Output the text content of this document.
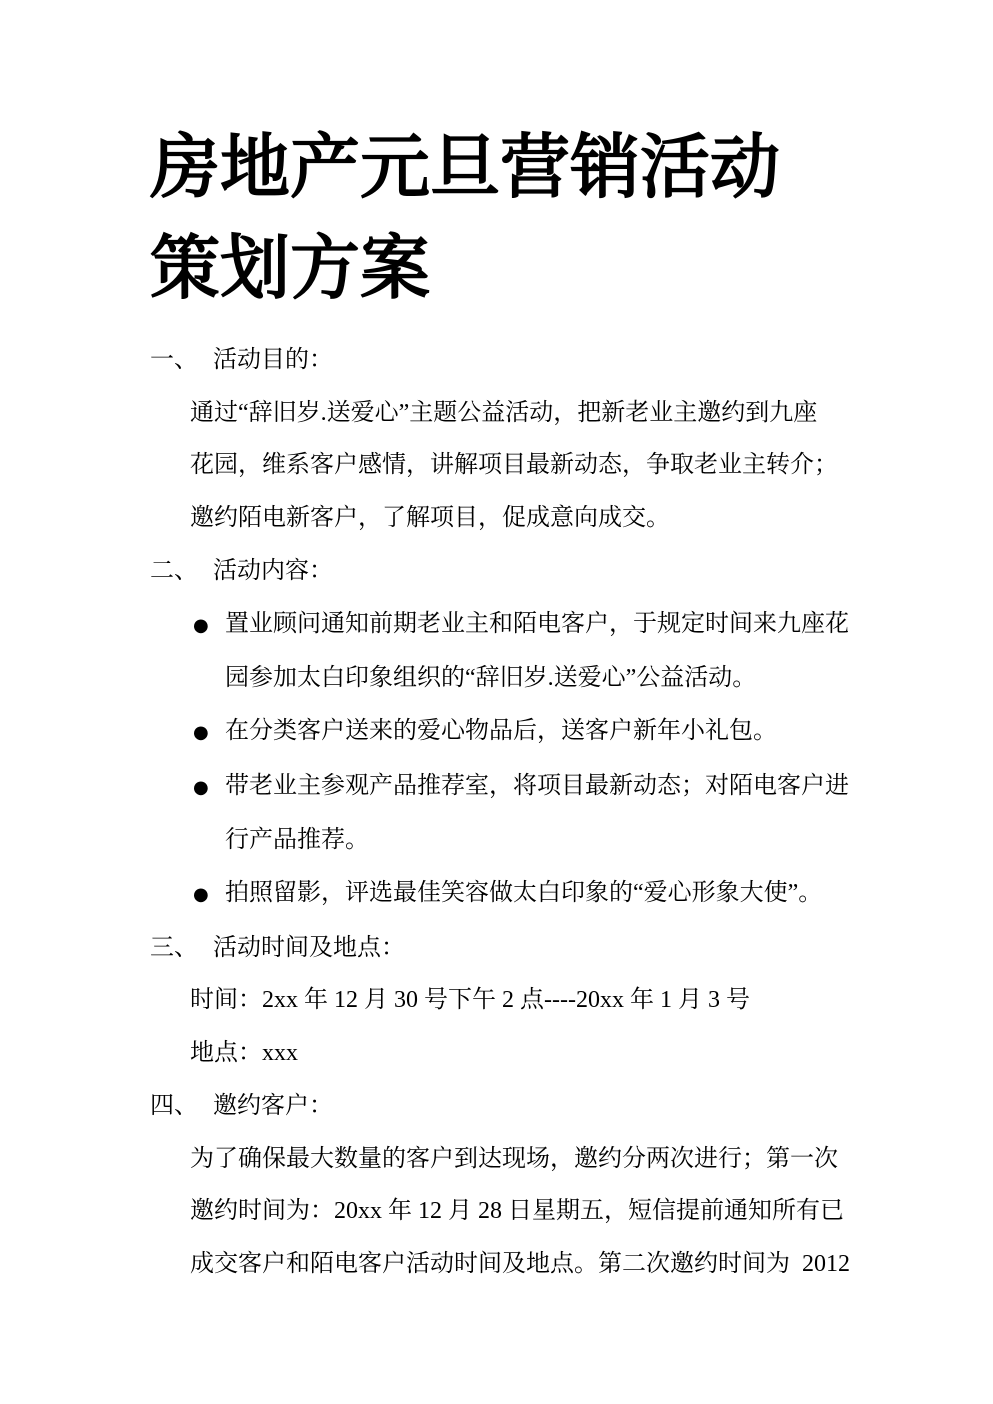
房地产元旦营销活动
策划方案
一、 活动目的：
通过“辞旧岁.送爱心”主题公益活动，把新老业主邀约到九座
花园，维系客户感情，讲解项目最新动态，争取老业主转介；
邀约陌电新客户，了解项目，促成意向成交。
二、 活动内容：
● 置业顾问通知前期老业主和陌电客户，于规定时间来九座花
园参加太白印象组织的“辞旧岁.送爱心”公益活动。
● 在分类客户送来的爱心物品后，送客户新年小礼包。
● 带老业主参观产品推荐室，将项目最新动态；对陌电客户进
行产品推荐。
● 拍照留影，评选最佳笑容做太白印象的“爱心形象大使”。
三、 活动时间及地点：
时间：2xx 年 12 月 30 号下午 2 点----20xx 年 1 月 3 号
地点：xxx
四、 邀约客户：
为了确保最大数量的客户到达现场，邀约分两次进行；第一次
邀约时间为：20xx 年 12 月 28 日星期五，短信提前通知所有已
成交客户和陌电客户活动时间及地点。第二次邀约时间为  2012
